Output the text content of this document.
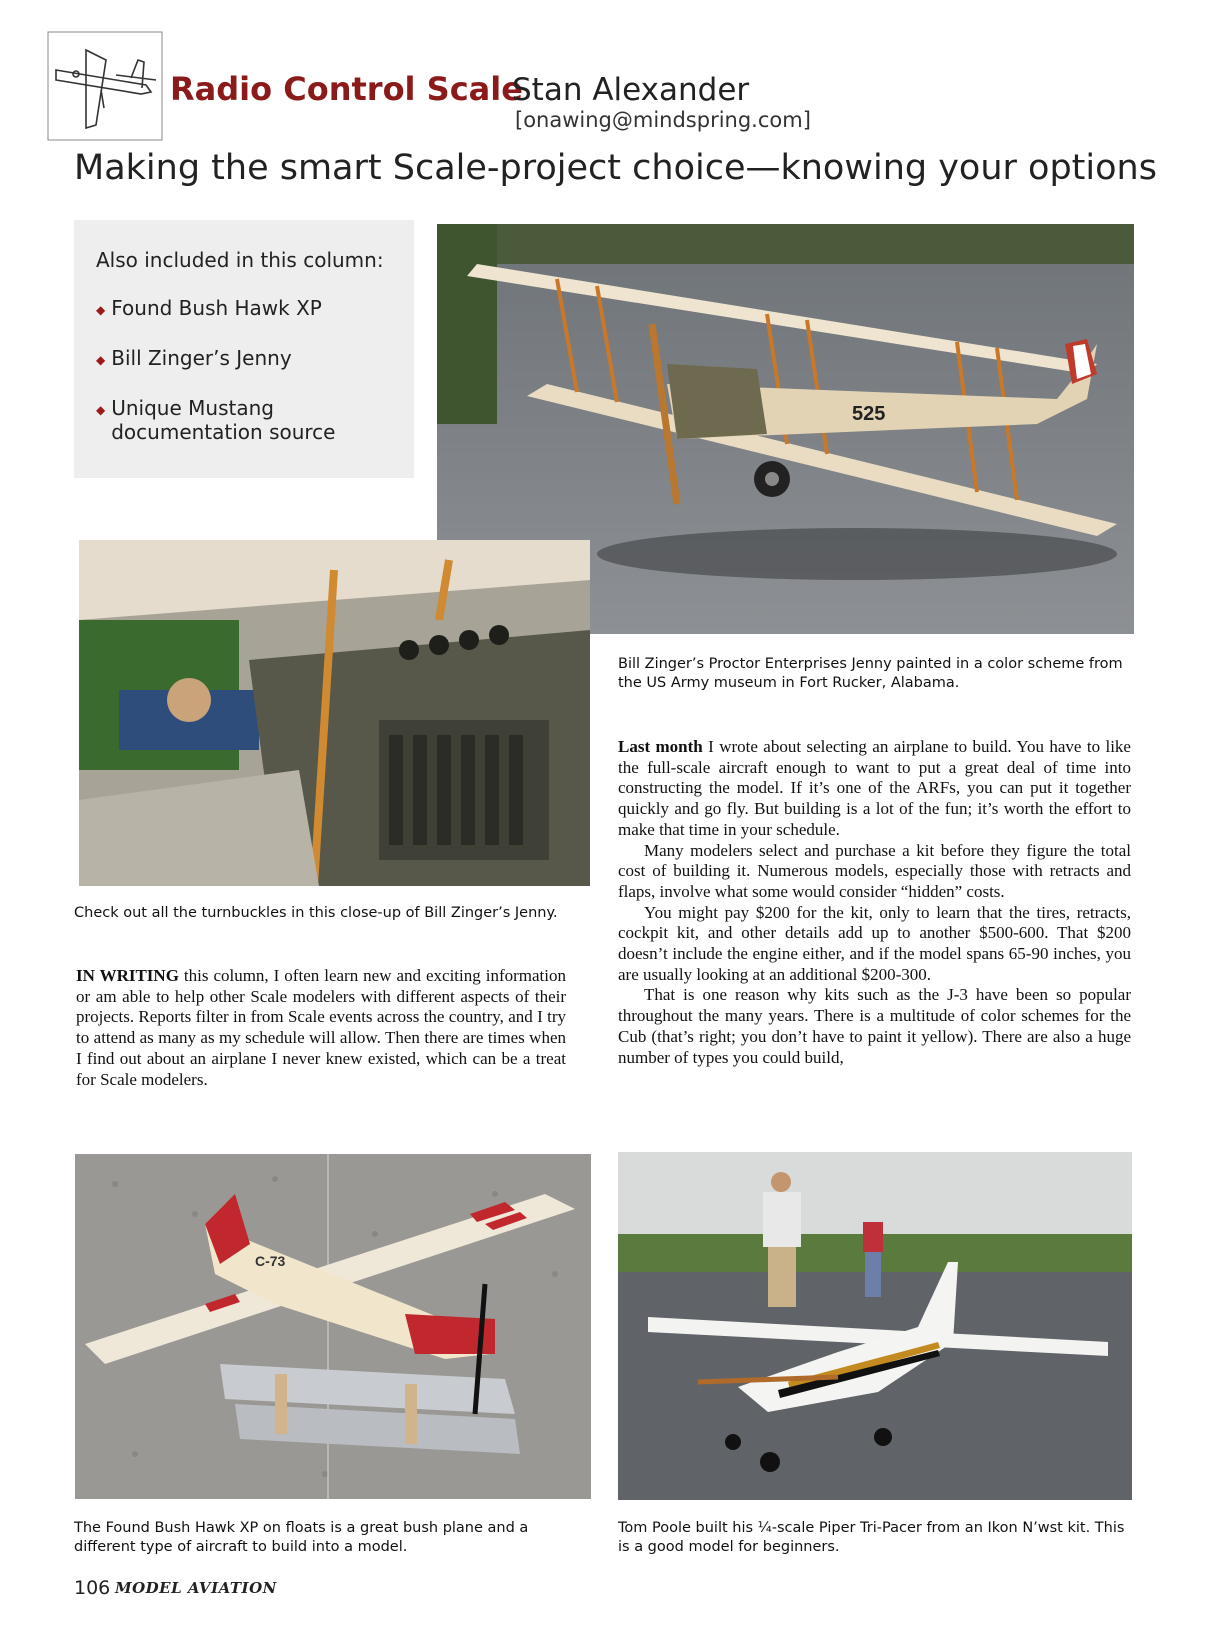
Radio Control Scale
Stan Alexander
[onawing@mindspring.com]
Making the smart Scale-project choice—knowing your options
Also included in this column:
◆ Found Bush Hawk XP
◆ Bill Zinger’s Jenny
◆ Unique Mustang documentation source
525
Bill Zinger’s Proctor Enterprises Jenny painted in a color scheme from the US Army museum in Fort Rucker, Alabama.
Check out all the turnbuckles in this close-up of Bill Zinger’s Jenny.

IN WRITING this column, I often learn new and exciting information or am able to help other Scale modelers with different aspects of their projects. Reports filter in from Scale events across the country, and I try to attend as many as my schedule will allow. Then there are times when I find out about an airplane I never knew existed, which can be a treat for Scale modelers.

Last month I wrote about selecting an airplane to build. You have to like the full-scale aircraft enough to want to put a great deal of time into constructing the model. If it’s one of the ARFs, you can put it together quickly and go fly. But building is a lot of the fun; it’s worth the effort to make that time in your schedule.

Many modelers select and purchase a kit before they figure the total cost of building it. Numerous models, especially those with retracts and flaps, involve what some would consider “hidden” costs.

You might pay $200 for the kit, only to learn that the tires, retracts, cockpit kit, and other details add up to another $500-600. That $200 doesn’t include the engine either, and if the model spans 65-90 inches, you are usually looking at an additional $200-300.

That is one reason why kits such as the J-3 have been so popular throughout the many years. There is a multitude of color schemes for the Cub (that’s right; you don’t have to paint it yellow). There are also a huge number of types you could build,

C-73
The Found Bush Hawk XP on floats is a great bush plane and a different type of aircraft to build into a model.
Tom Poole built his ¼-scale Piper Tri-Pacer from an Ikon N’wst kit. This is a good model for beginners.
106 MODEL AVIATION
